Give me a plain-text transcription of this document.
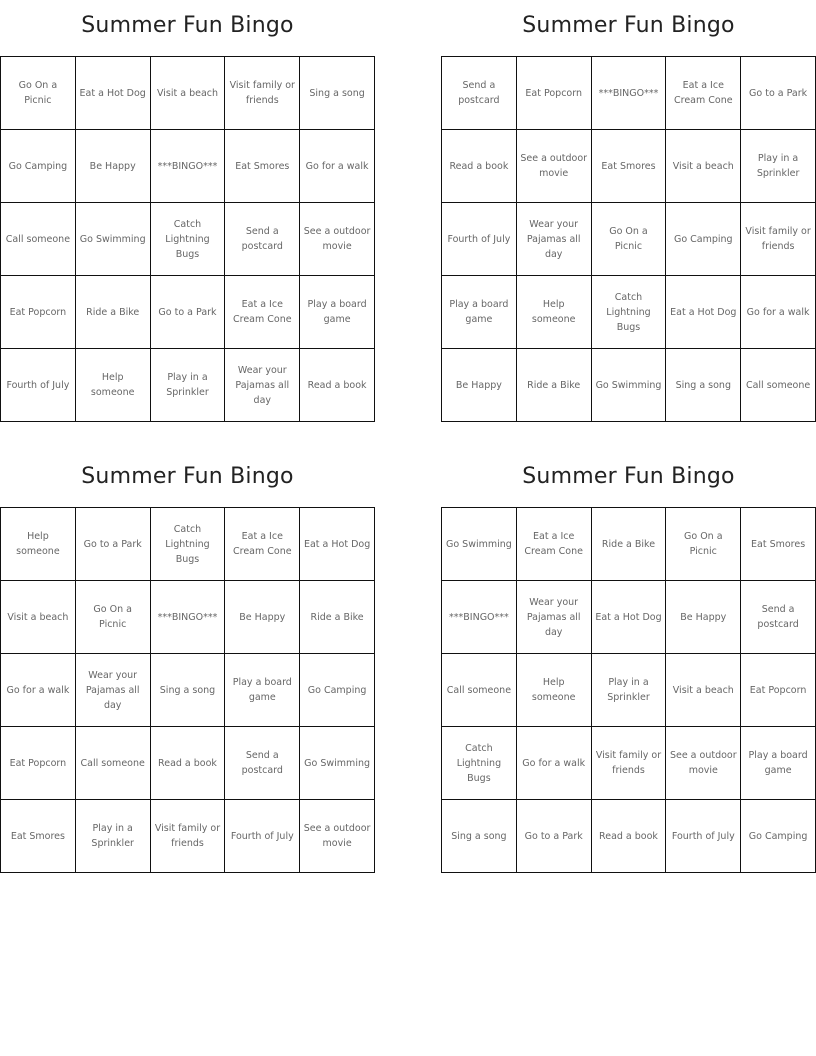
Summer Fun Bingo
Go On a Picnic	Eat a Hot Dog	Visit a beach	Visit family or friends	Sing a song
Go Camping	Be Happy	***BINGO***	Eat Smores	Go for a walk
Call someone	Go Swimming	Catch Lightning Bugs	Send a postcard	See a outdoor movie
Eat Popcorn	Ride a Bike	Go to a Park	Eat a Ice Cream Cone	Play a board game
Fourth of July	Help someone	Play in a Sprinkler	Wear your Pajamas all day	Read a book
Summer Fun Bingo
Send a postcard	Eat Popcorn	***BINGO***	Eat a Ice Cream Cone	Go to a Park
Read a book	See a outdoor movie	Eat Smores	Visit a beach	Play in a Sprinkler
Fourth of July	Wear your Pajamas all day	Go On a Picnic	Go Camping	Visit family or friends
Play a board game	Help someone	Catch Lightning Bugs	Eat a Hot Dog	Go for a walk
Be Happy	Ride a Bike	Go Swimming	Sing a song	Call someone
Summer Fun Bingo
Help someone	Go to a Park	Catch Lightning Bugs	Eat a Ice Cream Cone	Eat a Hot Dog
Visit a beach	Go On a Picnic	***BINGO***	Be Happy	Ride a Bike
Go for a walk	Wear your Pajamas all day	Sing a song	Play a board game	Go Camping
Eat Popcorn	Call someone	Read a book	Send a postcard	Go Swimming
Eat Smores	Play in a Sprinkler	Visit family or friends	Fourth of July	See a outdoor movie
Summer Fun Bingo
Go Swimming	Eat a Ice Cream Cone	Ride a Bike	Go On a Picnic	Eat Smores
***BINGO***	Wear your Pajamas all day	Eat a Hot Dog	Be Happy	Send a postcard
Call someone	Help someone	Play in a Sprinkler	Visit a beach	Eat Popcorn
Catch Lightning Bugs	Go for a walk	Visit family or friends	See a outdoor movie	Play a board game
Sing a song	Go to a Park	Read a book	Fourth of July	Go Camping
